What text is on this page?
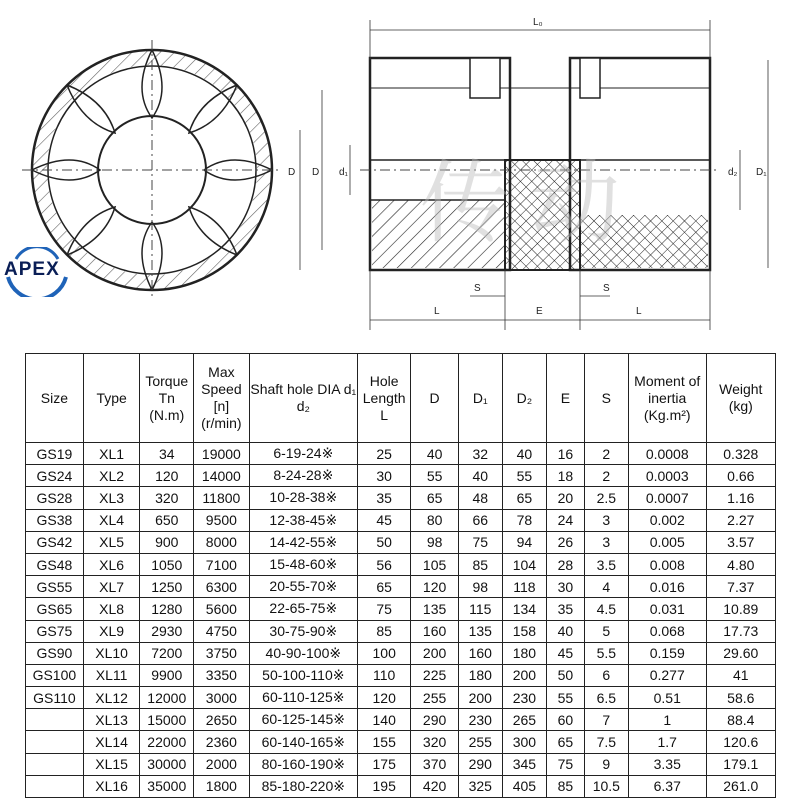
L₀
D D d₁	d₂ D₁
S	S
L	E	L
传动
APEX
Size	Type	Torque Tn (N.m)	Max Speed [n] (r/min)	Shaft hole DIA d₁ d₂	Hole Length L	D	D₁	D₂	E	S	Moment of inertia (Kg.m²)	Weight (kg)
GS19	XL1	34	19000	6-19-24※	25	40	32	40	16	2	0.0008	0.328
GS24	XL2	120	14000	8-24-28※	30	55	40	55	18	2	0.0003	0.66
GS28	XL3	320	11800	10-28-38※	35	65	48	65	20	2.5	0.0007	1.16
GS38	XL4	650	9500	12-38-45※	45	80	66	78	24	3	0.002	2.27
GS42	XL5	900	8000	14-42-55※	50	98	75	94	26	3	0.005	3.57
GS48	XL6	1050	7100	15-48-60※	56	105	85	104	28	3.5	0.008	4.80
GS55	XL7	1250	6300	20-55-70※	65	120	98	118	30	4	0.016	7.37
GS65	XL8	1280	5600	22-65-75※	75	135	115	134	35	4.5	0.031	10.89
GS75	XL9	2930	4750	30-75-90※	85	160	135	158	40	5	0.068	17.73
GS90	XL10	7200	3750	40-90-100※	100	200	160	180	45	5.5	0.159	29.60
GS100	XL11	9900	3350	50-100-110※	110	225	180	200	50	6	0.277	41
GS110	XL12	12000	3000	60-110-125※	120	255	200	230	55	6.5	0.51	58.6
	XL13	15000	2650	60-125-145※	140	290	230	265	60	7	1	88.4
	XL14	22000	2360	60-140-165※	155	320	255	300	65	7.5	1.7	120.6
	XL15	30000	2000	80-160-190※	175	370	290	345	75	9	3.35	179.1
	XL16	35000	1800	85-180-220※	195	420	325	405	85	10.5	6.37	261.0
